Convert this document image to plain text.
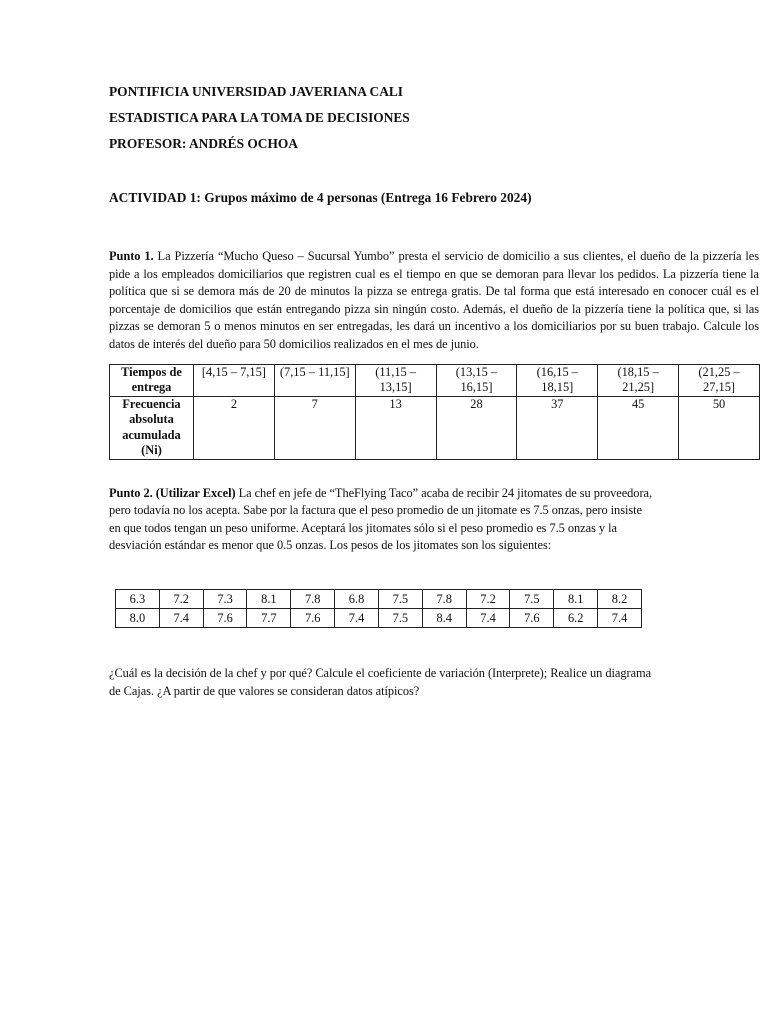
PONTIFICIA UNIVERSIDAD JAVERIANA CALI
ESTADISTICA PARA LA TOMA DE DECISIONES
PROFESOR: ANDRÉS OCHOA
ACTIVIDAD 1: Grupos máximo de 4 personas (Entrega 16 Febrero 2024)

Punto 1. La Pizzería “Mucho Queso – Sucursal Yumbo” presta el servicio de domicilio a sus clientes, el dueño de la pizzería les pide a los empleados domiciliarios que registren cual es el tiempo en que se demoran para llevar los pedidos. La pizzería tiene la política que si se demora más de 20 de minutos la pizza se entrega gratis. De tal forma que está interesado en conocer cuál es el porcentaje de domicilios que están entregando pizza sin ningún costo. Además, el dueño de la pizzería tiene la política que, si las pizzas se demoran 5 o menos minutos en ser entregadas, les dará un incentivo a los domiciliarios por su buen trabajo. Calcule los datos de interés del dueño para 50 domicilios realizados en el mes de junio.

Tiempos de entrega	[4,15 – 7,15]	(7,15 – 11,15]	(11,15 – 13,15]	(13,15 – 16,15]	(16,15 – 18,15]	(18,15 – 21,25]	(21,25 – 27,15]
Frecuencia absoluta acumulada (Ni)	2	7	13	28	37	45	50

Punto 2. (Utilizar Excel) La chef en jefe de “TheFlying Taco” acaba de recibir 24 jitomates de su proveedora, pero todavía no los acepta. Sabe por la factura que el peso promedio de un jitomate es 7.5 onzas, pero insiste en que todos tengan un peso uniforme. Aceptará los jitomates sólo si el peso promedio es 7.5 onzas y la desviación estándar es menor que 0.5 onzas. Los pesos de los jitomates son los siguientes:

6.3	7.2	7.3	8.1	7.8	6.8	7.5	7.8	7.2	7.5	8.1	8.2
8.0	7.4	7.6	7.7	7.6	7.4	7.5	8.4	7.4	7.6	6.2	7.4

¿Cuál es la decisión de la chef y por qué? Calcule el coeficiente de variación (Interprete); Realice un diagrama de Cajas. ¿A partir de que valores se consideran datos atípicos?
